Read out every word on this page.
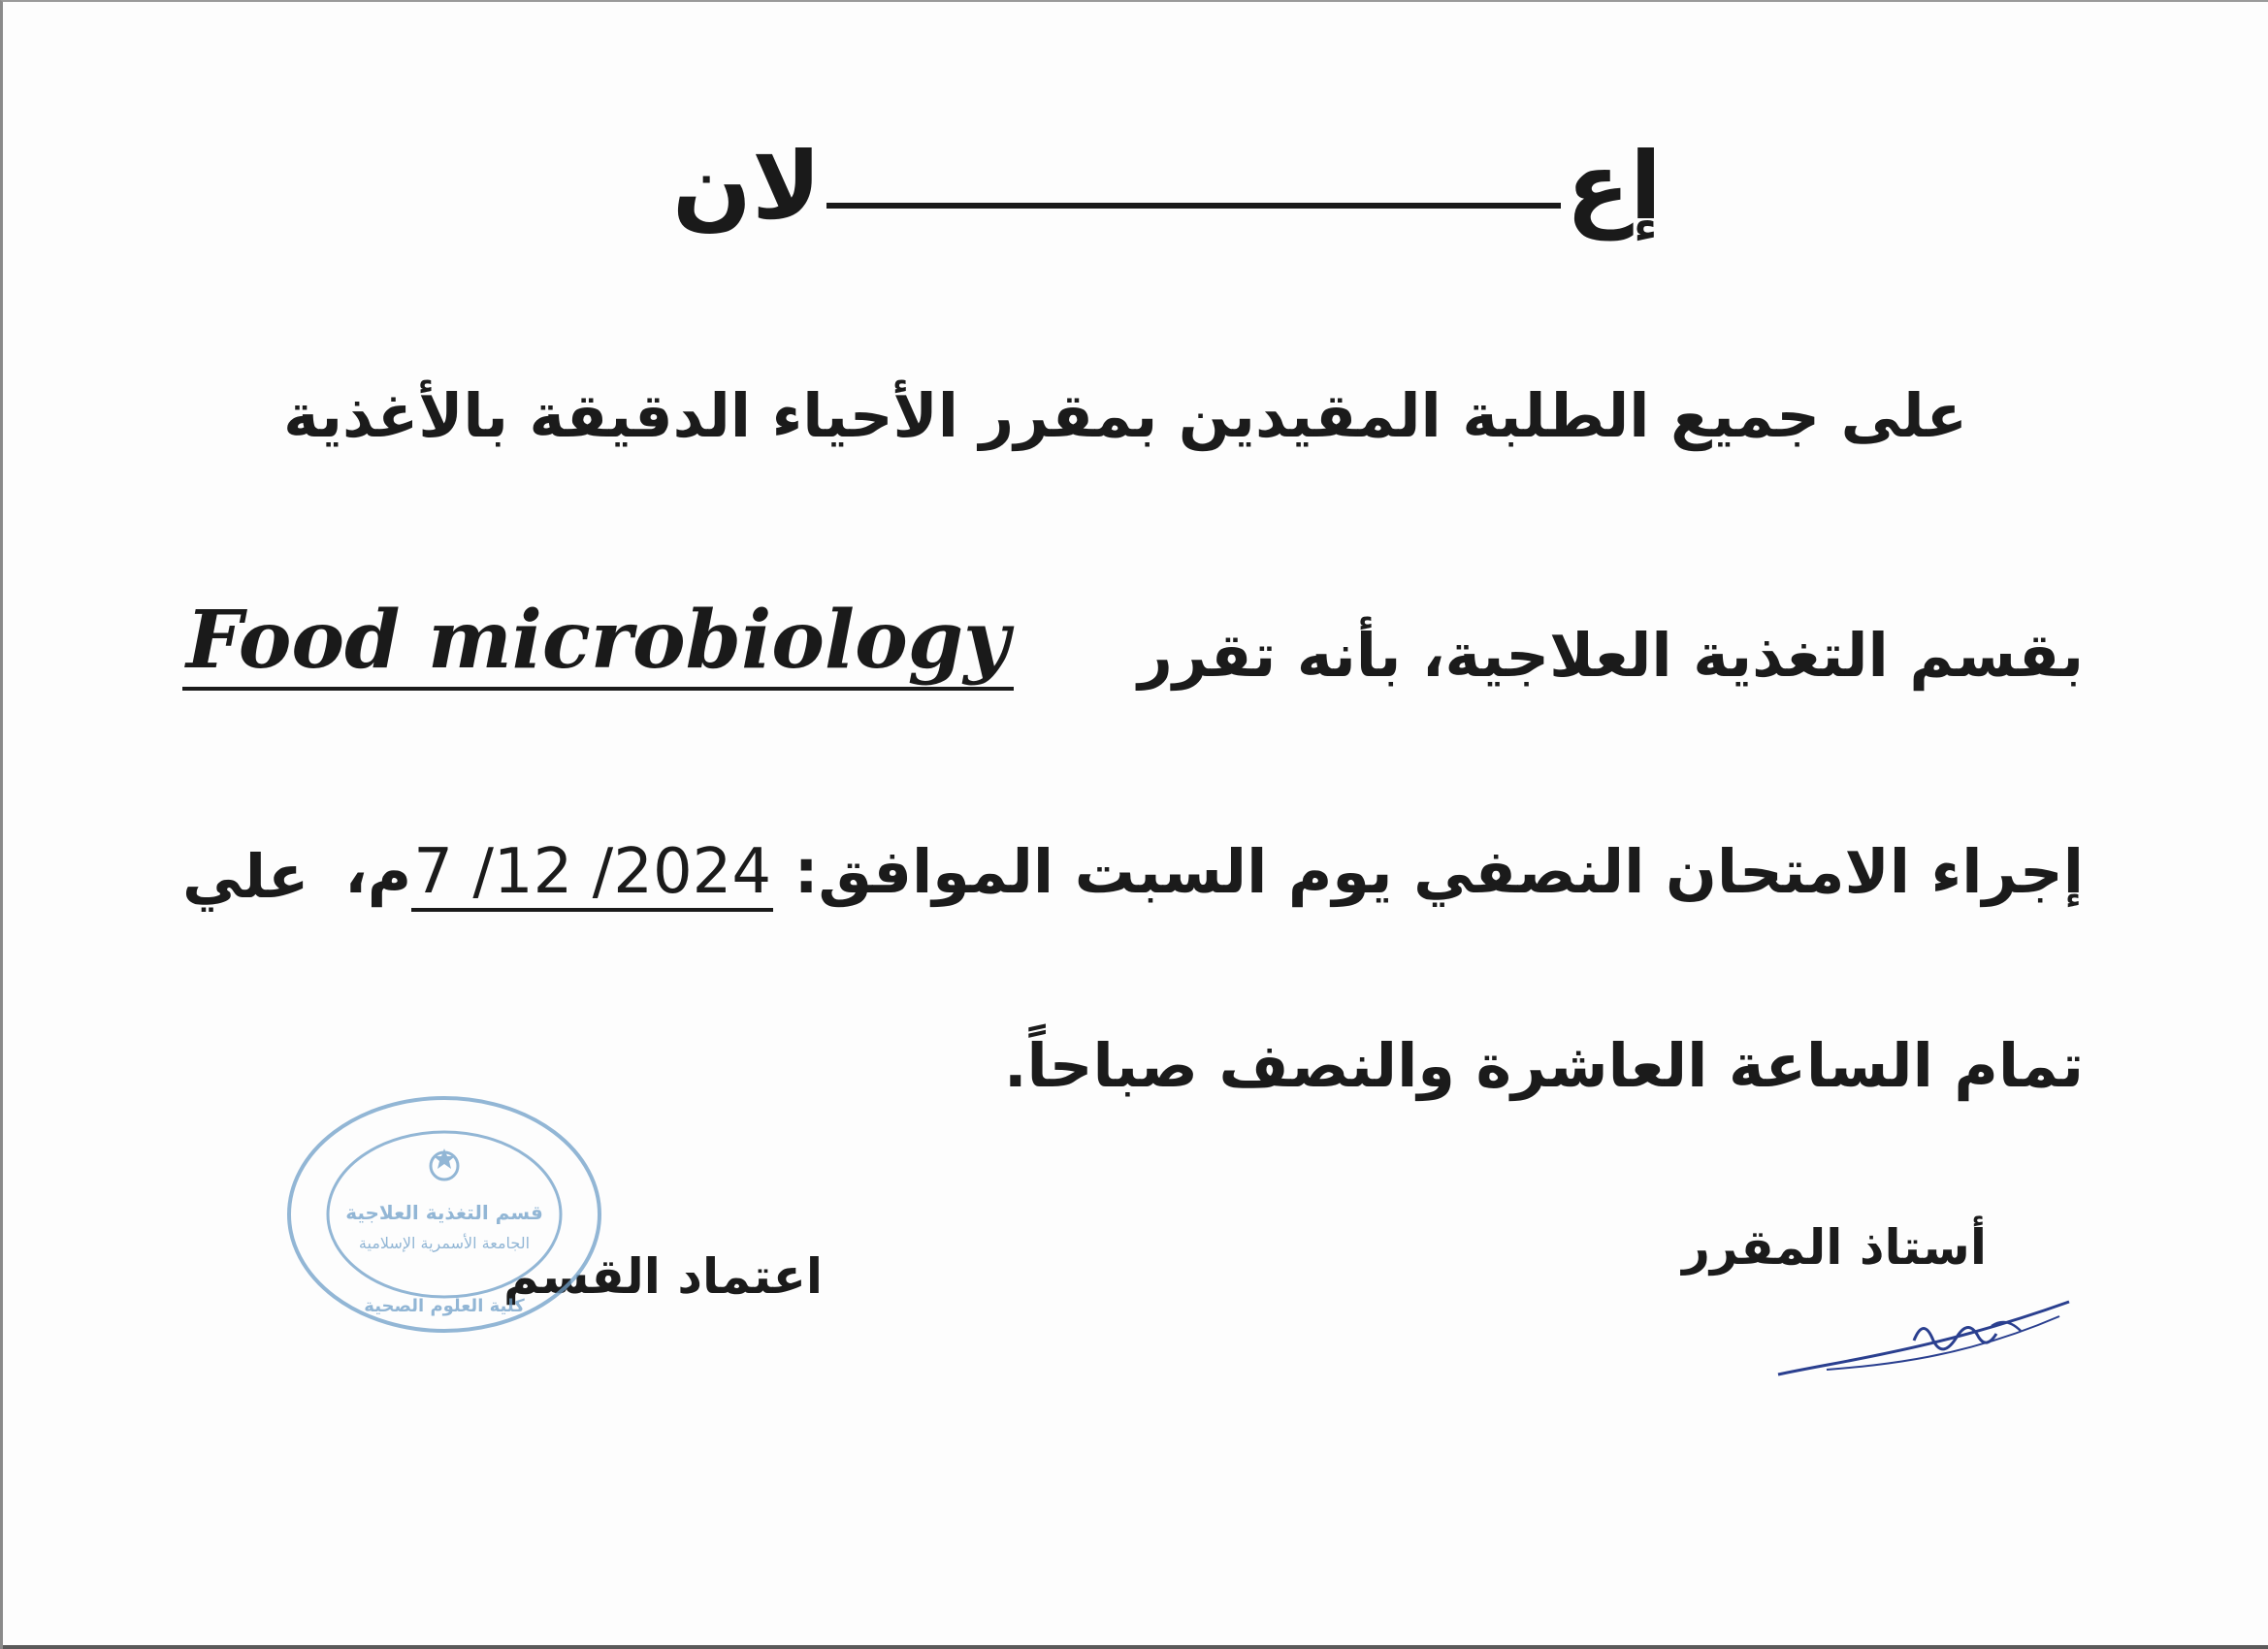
إع
لان
على جميع الطلبة المقيدين بمقرر الأحياء الدقيقة بالأغذية
بقسم التغذية العلاجية، بأنه تقرر
Food microbiology
إجراء الامتحان النصفي يوم السبت الموافق: 7 /12 /2024م،
علي
تمام الساعة العاشرة والنصف صباحاً.
أستاذ المقرر
اعتماد القسم
قسم التغذية العلاجية
الجامعة الأسمرية الإسلامية
كلية العلوم الصحية
